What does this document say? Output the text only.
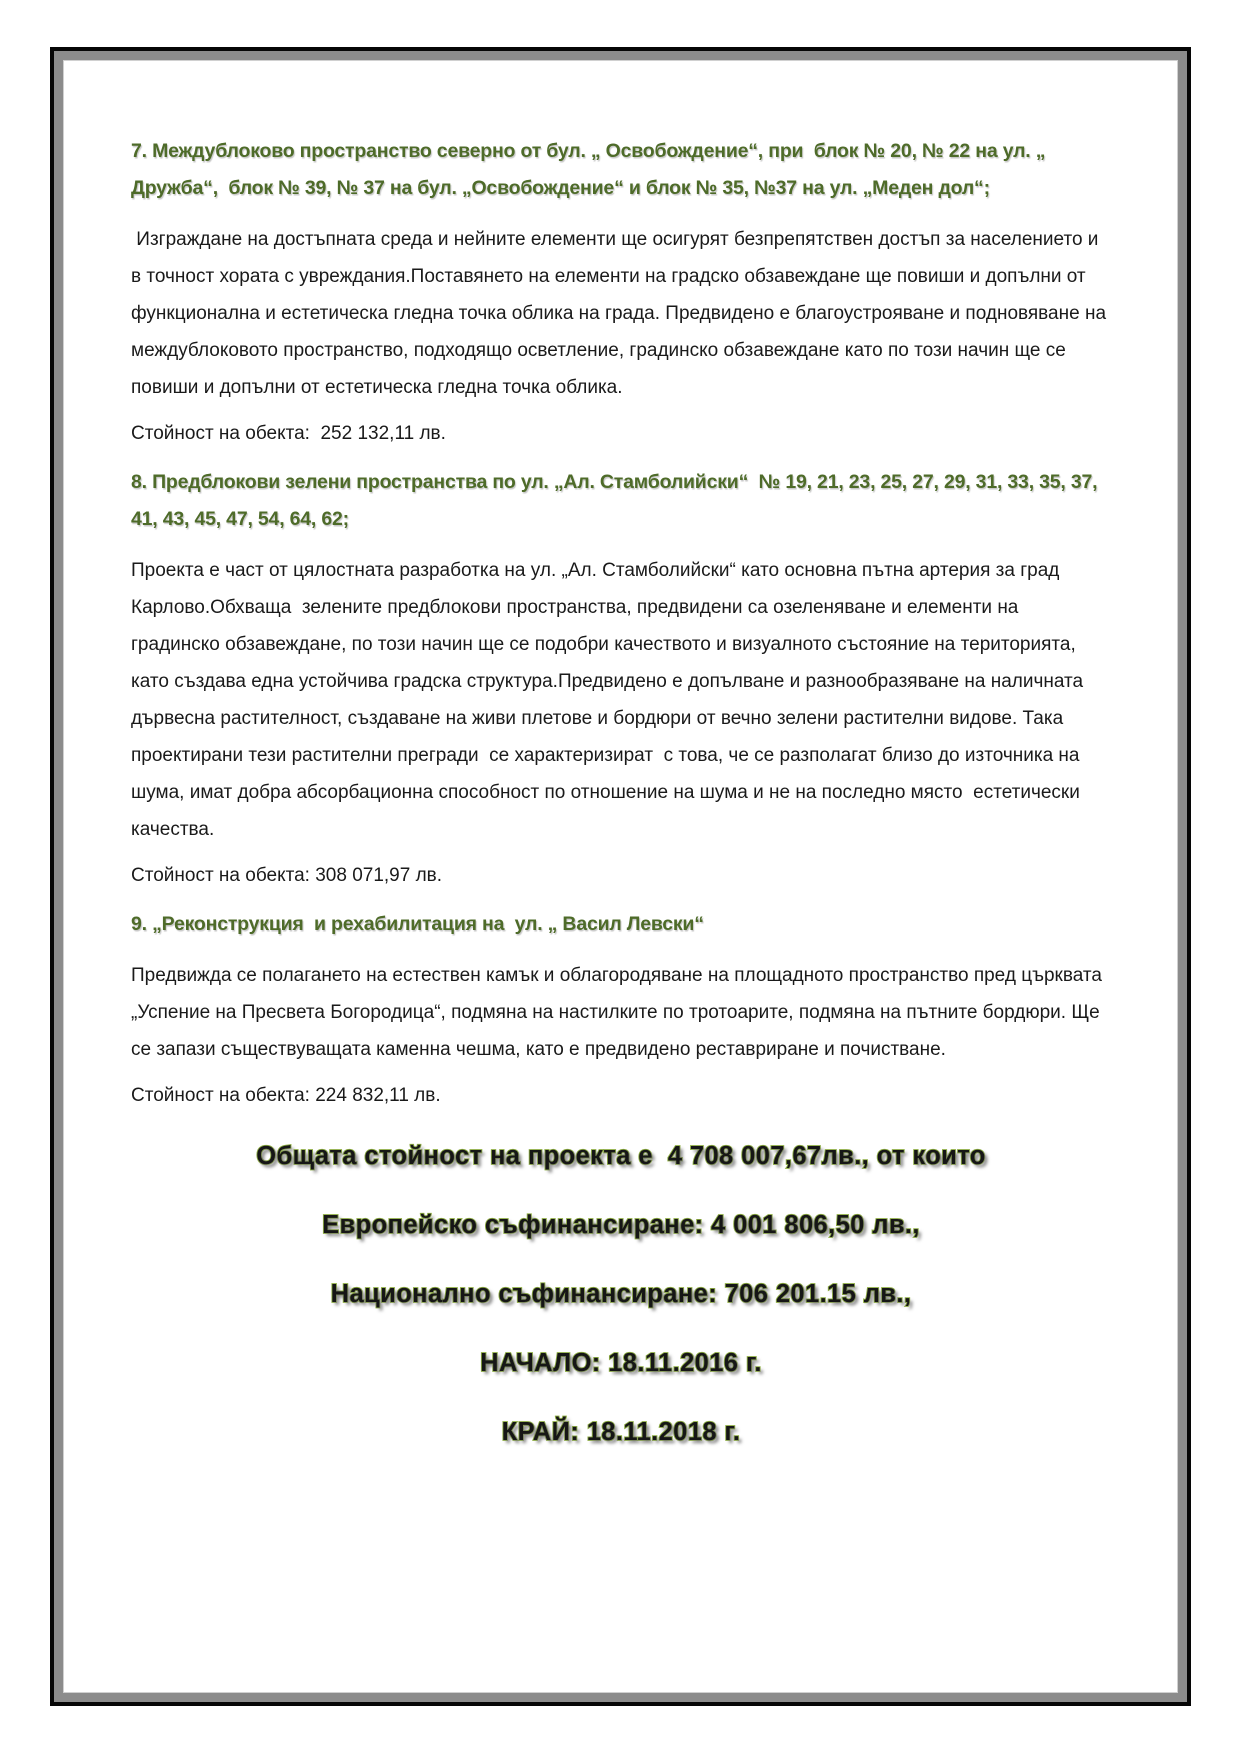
7. Междублоково пространство северно от бул. „ Освобождение“, при  блок № 20, № 22 на ул. „ Дружба“,  блок № 39, № 37 на бул. „Освобождение“ и блок № 35, №37 на ул. „Меден дол“;

Изграждане на достъпната среда и нейните елементи ще осигурят безпрепятствен достъп за населението и в точност хората с увреждания.Поставянето на елементи на градско обзавеждане ще повиши и допълни от функционална и естетическа гледна точка облика на града. Предвидено е благоустрояване и подновяване на междублоковото пространство, подходящо осветление, градинско обзавеждане като по този начин ще се повиши и допълни от естетическа гледна точка облика.

Стойност на обекта:  252 132,11 лв.

8. Предблокови зелени пространства по ул. „Ал. Стамболийски“  № 19, 21, 23, 25, 27, 29, 31, 33, 35, 37, 41, 43, 45, 47, 54, 64, 62;

Проекта е част от цялостната разработка на ул. „Ал. Стамболийски“ като основна пътна артерия за град Карлово.Обхваща  зелените предблокови пространства, предвидени са озеленяване и елементи на градинско обзавеждане, по този начин ще се подобри качеството и визуалното състояние на територията, като създава една устойчива градска структура.Предвидено е допълване и разнообразяване на наличната дървесна растителност, създаване на живи плетове и бордюри от вечно зелени растителни видове. Така проектирани тези растителни прегради  се характеризират  с това, че се разполагат близо до източника на шума, имат добра абсорбационна способност по отношение на шума и не на последно място  естетически качества.

Стойност на обекта: 308 071,97 лв.

9. „Реконструкция  и рехабилитация на  ул. „ Васил Левски“

Предвижда се полагането на естествен камък и облагородяване на площадното пространство пред църквата  „Успение на Пресвета Богородица“, подмяна на настилките по тротоарите, подмяна на пътните бордюри. Ще се запази съществуващата каменна чешма, като е предвидено реставриране и почистване.

Стойност на обекта: 224 832,11 лв.

Общата стойност на проекта е  4 708 007,67лв., от които

Европейско съфинансиране: 4 001 806,50 лв.,

Национално съфинансиране: 706 201.15 лв.,

НАЧАЛО: 18.11.2016 г.

КРАЙ: 18.11.2018 г.
